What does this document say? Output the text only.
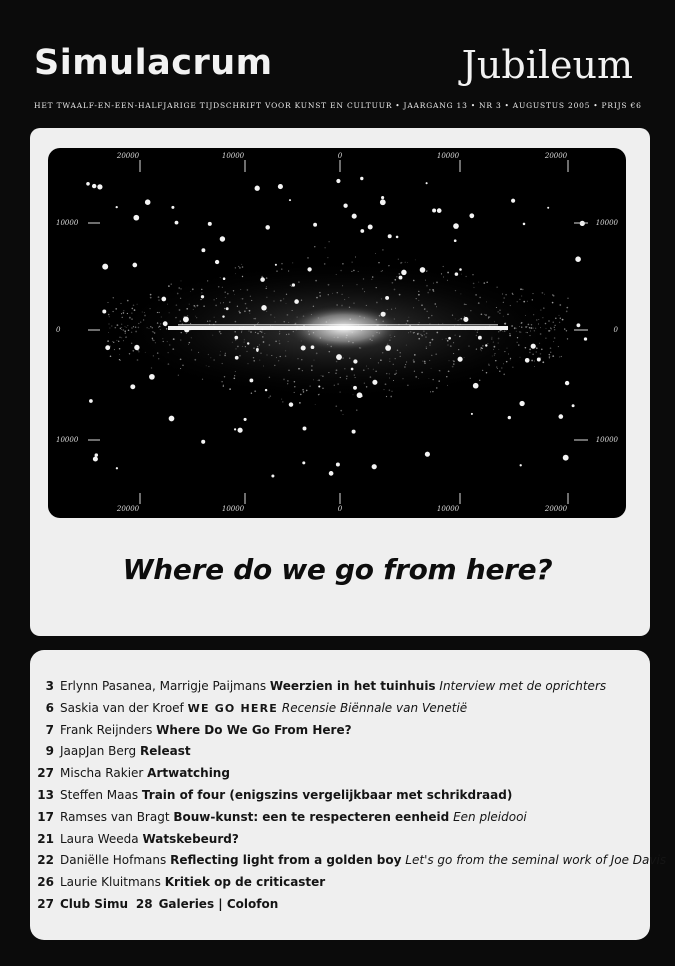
Simulacrum	Jubileum
HET TWAALF-EN-EEN-HALFJARIGE TIJDSCHRIFT VOOR KUNST EN CULTUUR • JAARGANG 13 • NR 3 • AUGUSTUS 2005 • PRIJS €6
20000	10000	0	10000	20000
20000	10000	0	10000	20000
10000
0
10000
10000
0
10000
Where do we go from here?
3 Erlynn Pasanea, Marrigje Paijmans Weerzien in het tuinhuis Interview met de oprichters
6 Saskia van der Kroef WE GO HERE Recensie Biënnale van Venetië
7 Frank Reijnders Where Do We Go From Here?
9 JaapJan Berg Releast
27 Mischa Rakier Artwatching
13 Steffen Maas Train of four (enigszins vergelijkbaar met schrikdraad)
17 Ramses van Bragt Bouw-kunst: een te respecteren eenheid Een pleidooi
21 Laura Weeda Watskebeurd?
22 Daniëlle Hofmans Reflecting light from a golden boy Let's go from the seminal work of Joe Davis
26 Laurie Kluitmans Kritiek op de criticaster
27 Club Simu 28 Galeries | Colofon
